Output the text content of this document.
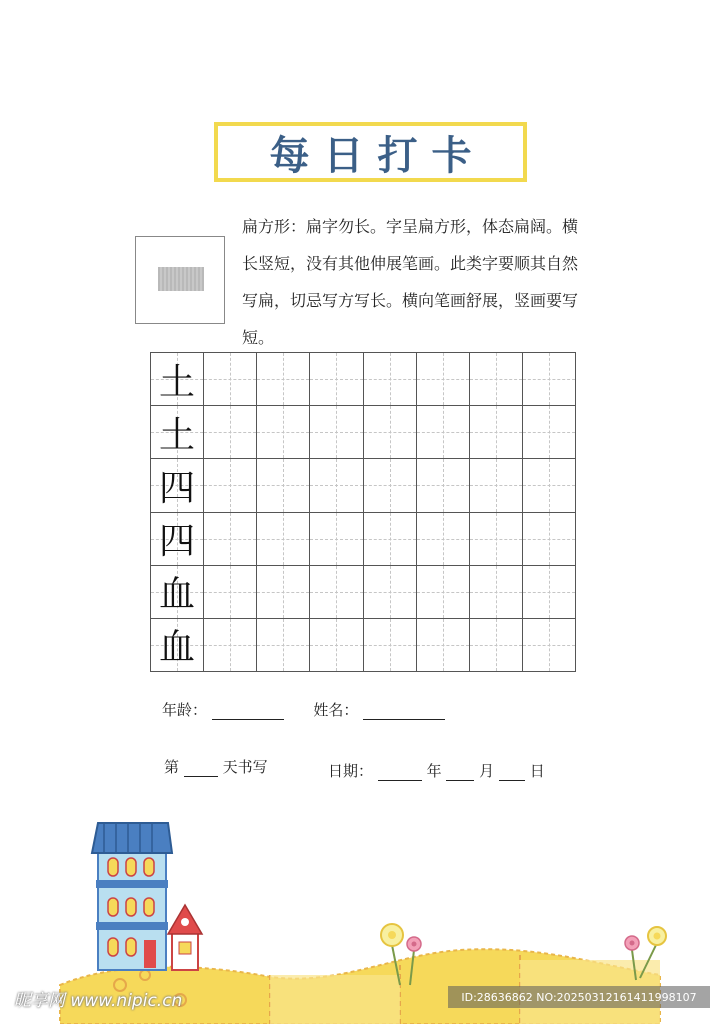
每日打卡
扁方形：扁字勿长。字呈扁方形，体态扁阔。横长竖短，没有其他伸展笔画。此类字要顺其自然写扁，切忌写方写长。横向笔画舒展，竖画要写短。
土
土
四
四
血
血
年龄：	姓名：
第	天书写	日期：	年	月 日
昵享网 www.nipic.cn	ID:28636862 NO:20250312161411998107
